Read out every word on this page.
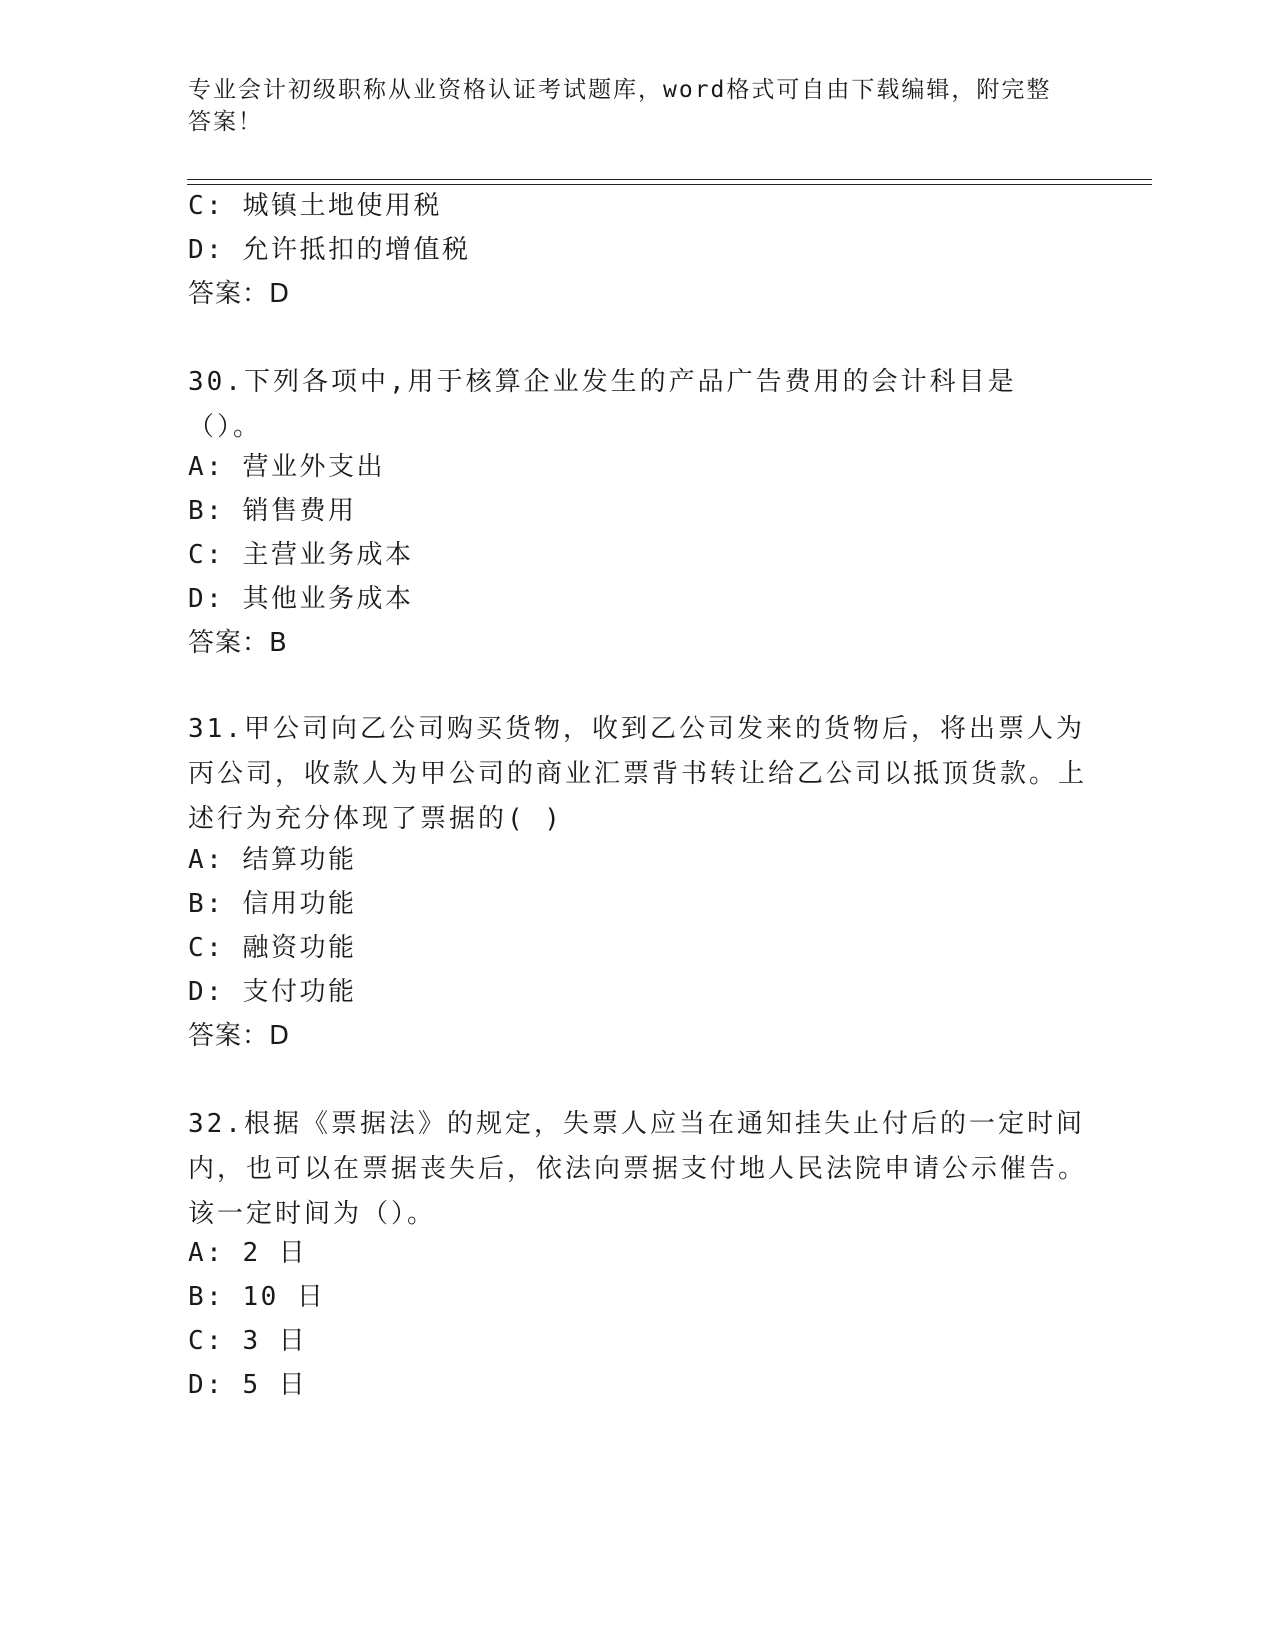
专业会计初级职称从业资格认证考试题库，word格式可自由下载编辑，附完整答案！

C: 城镇土地使用税

D: 允许抵扣的增值税

答案：D

30.下列各项中,用于核算企业发生的产品广告费用的会计科目是（）。

A: 营业外支出

B: 销售费用

C: 主营业务成本

D: 其他业务成本

答案：B

31.甲公司向乙公司购买货物，收到乙公司发来的货物后，将出票人为丙公司，收款人为甲公司的商业汇票背书转让给乙公司以抵顶货款。上述行为充分体现了票据的( )

A: 结算功能

B: 信用功能

C: 融资功能

D: 支付功能

答案：D

32.根据《票据法》的规定，失票人应当在通知挂失止付后的一定时间内，也可以在票据丧失后，依法向票据支付地人民法院申请公示催告。该一定时间为（）。

A: 2 日

B: 10 日

C: 3 日

D: 5 日
